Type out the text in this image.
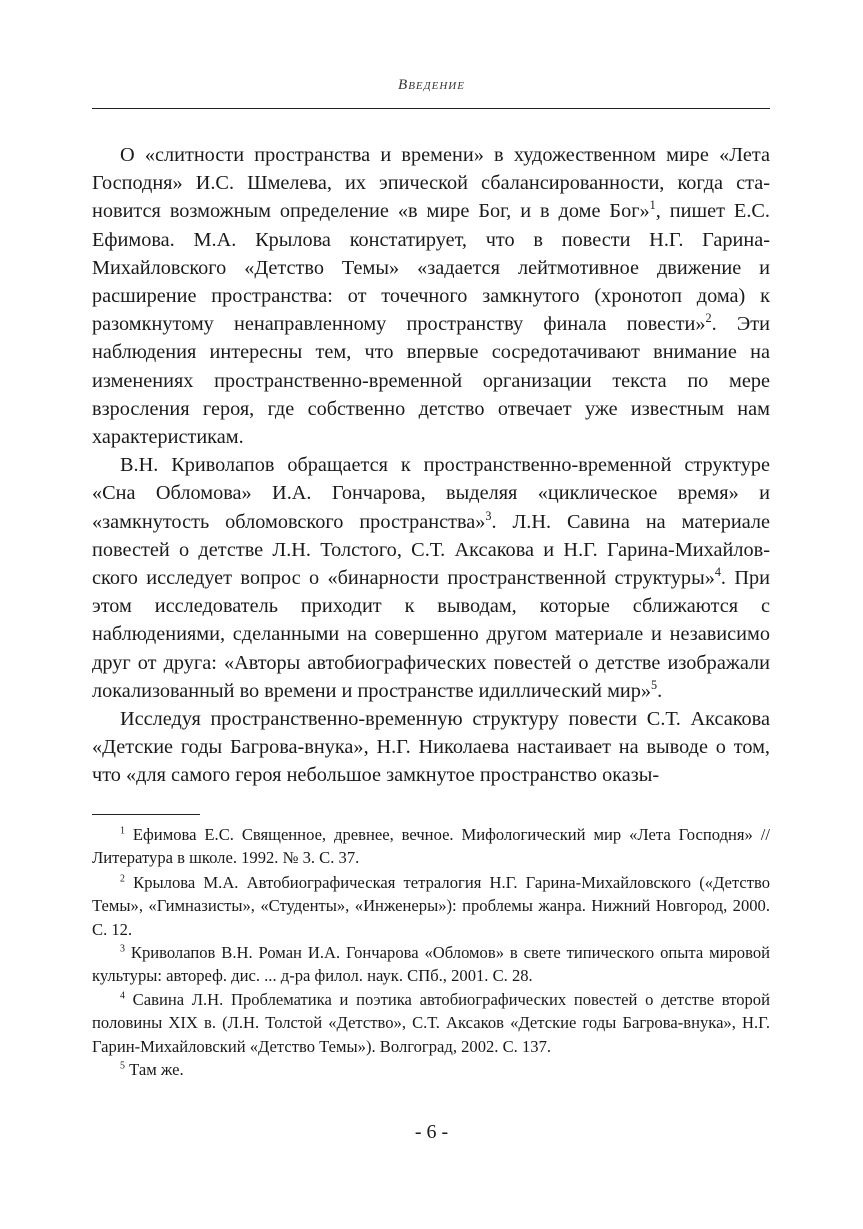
Введение

О «слитности пространства и времени» в художественном мире «Лета Господня» И.С. Шмелева, их эпической сбалансированности, когда становится возможным определение «в мире Бог, и в доме Бог»$^1$, пишет Е.С. Ефимова. М.А. Крылова констатирует, что в повести Н.Г. Гарина-Михайловского «Детство Темы» «задается лейтмотивное движение и расширение пространства: от точечного замкнутого (хронотоп дома) к разомкнутому ненаправленному пространству финала повести»$^2$. Эти наблюдения интересны тем, что впервые сосредотачивают внимание на изменениях пространственно-временной организации текста по мере взросления героя, где собственно детство отвечает уже известным нам характеристикам.

В.Н. Криволапов обращается к пространственно-временной структуре «Сна Обломова» И.А. Гончарова, выделяя «циклическое время» и «замкнутость обломовского пространства»$^3$. Л.Н. Савина на материале повестей о детстве Л.Н. Толстого, С.Т. Аксакова и Н.Г. Гарина-Михайловского исследует вопрос о «бинарности пространственной структуры»$^4$. При этом исследователь приходит к выводам, которые сближаются с наблюдениями, сделанными на совершенно другом материале и независимо друг от друга: «Авторы автобиографических повестей о детстве изображали локализованный во времени и пространстве идиллический мир»$^5$.

Исследуя пространственно-временную структуру повести С.Т. Аксакова «Детские годы Багрова-внука», Н.Г. Николаева настаивает на выводе о том, что «для самого героя небольшое замкнутое пространство оказы-

$^1$ Ефимова Е.С. Священное, древнее, вечное. Мифологический мир «Лета Господня» // Литература в школе. 1992. № 3. С. 37.

$^2$ Крылова М.А. Автобиографическая тетралогия Н.Г. Гарина-Михайловского («Детство Темы», «Гимназисты», «Студенты», «Инженеры»): проблемы жанра. Нижний Новгород, 2000. С. 12.

$^3$ Криволапов В.Н. Роман И.А. Гончарова «Обломов» в свете типического опыта мировой культуры: автореф. дис. ... д-ра филол. наук. СПб., 2001. С. 28.

$^4$ Савина Л.Н. Проблематика и поэтика автобиографических повестей о детстве второй половины XIX в. (Л.Н. Толстой «Детство», С.Т. Аксаков «Детские годы Багрова-внука», Н.Г. Гарин-Михайловский «Детство Темы»). Волгоград, 2002. С. 137.

$^5$ Там же.

- 6 -
